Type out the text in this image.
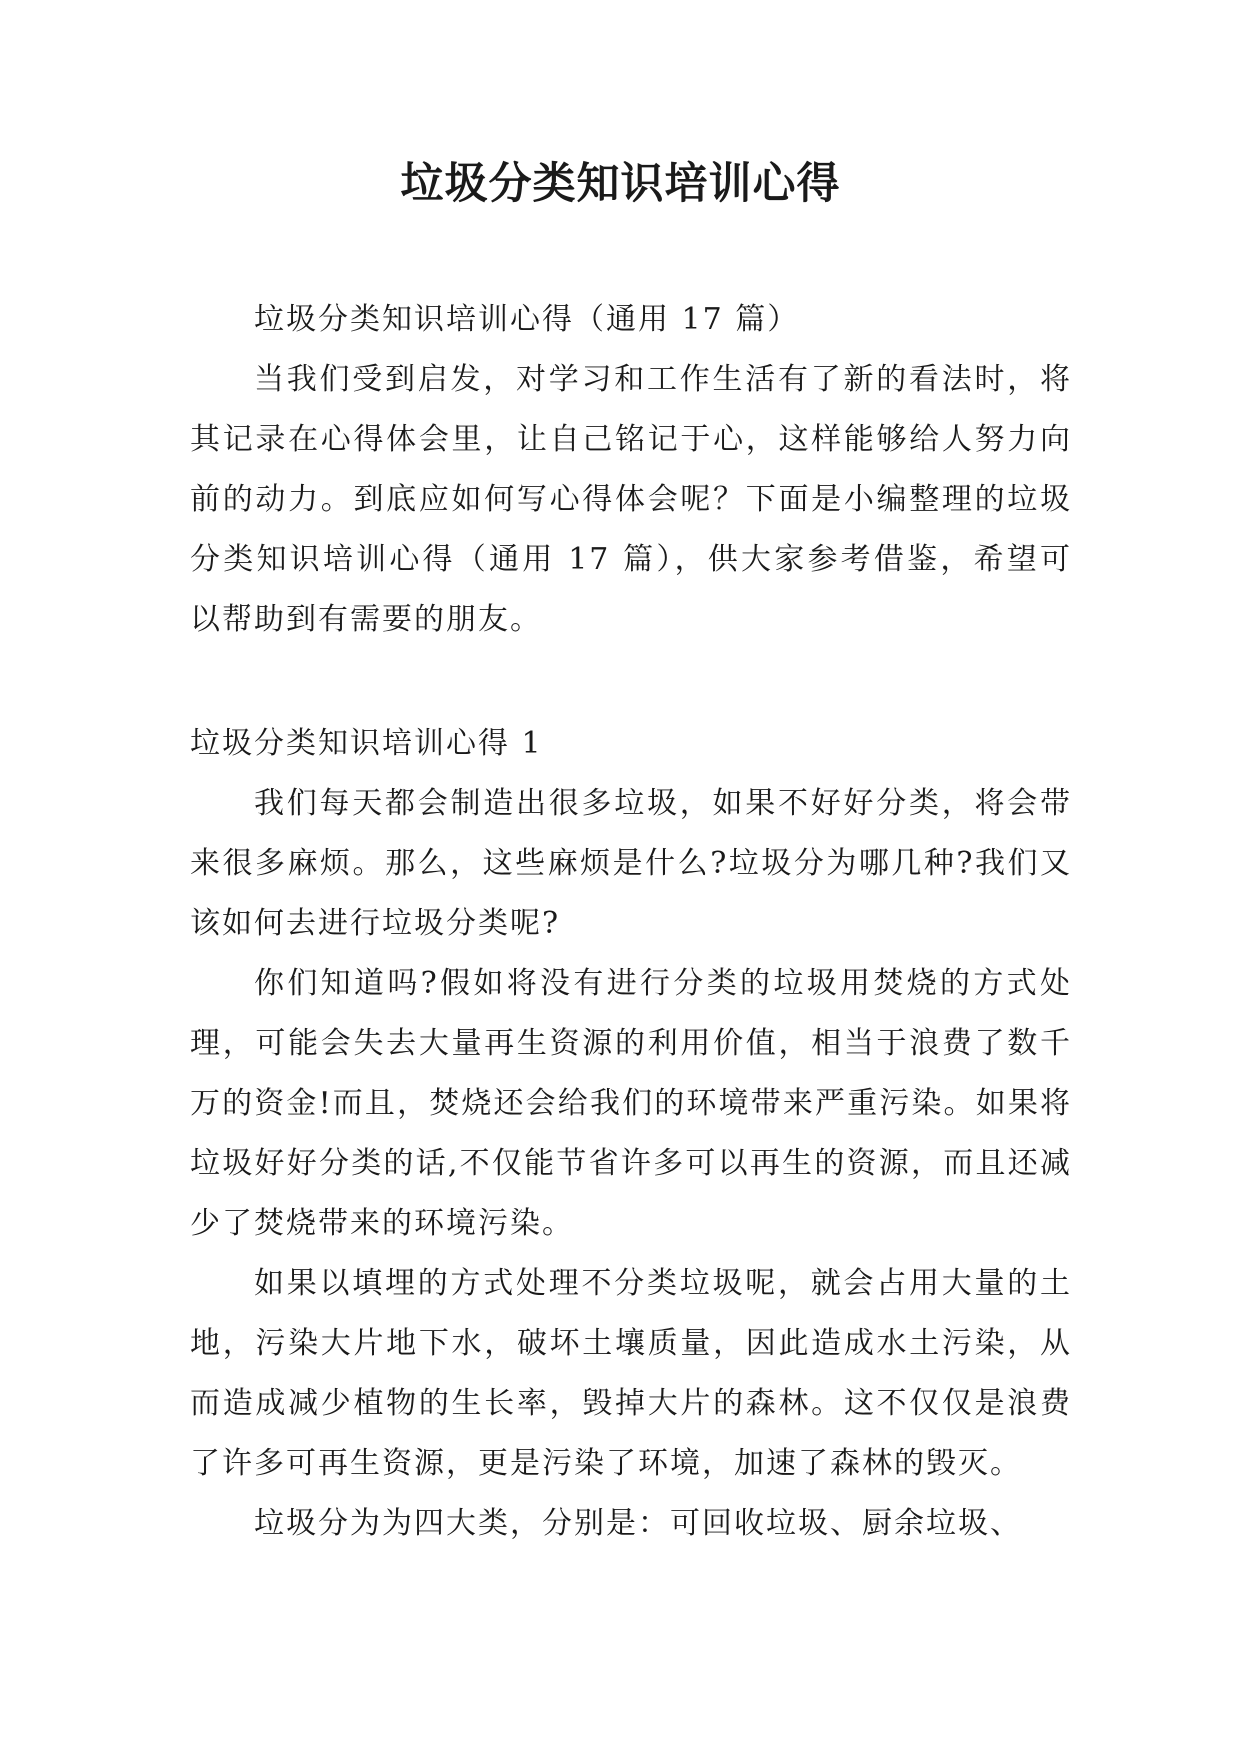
垃圾分类知识培训心得

垃圾分类知识培训心得（通用 17 篇）

当我们受到启发，对学习和工作生活有了新的看法时，将其记录在心得体会里，让自己铭记于心，这样能够给人努力向前的动力。到底应如何写心得体会呢？下面是小编整理的垃圾分类知识培训心得（通用 17 篇），供大家参考借鉴，希望可以帮助到有需要的朋友。

垃圾分类知识培训心得 1

我们每天都会制造出很多垃圾，如果不好好分类，将会带来很多麻烦。那么，这些麻烦是什么?垃圾分为哪几种?我们又该如何去进行垃圾分类呢?

你们知道吗?假如将没有进行分类的垃圾用焚烧的方式处理，可能会失去大量再生资源的利用价值，相当于浪费了数千万的资金!而且，焚烧还会给我们的环境带来严重污染。如果将垃圾好好分类的话,不仅能节省许多可以再生的资源，而且还减少了焚烧带来的环境污染。

如果以填埋的方式处理不分类垃圾呢，就会占用大量的土地，污染大片地下水，破坏土壤质量，因此造成水土污染，从而造成减少植物的生长率，毁掉大片的森林。这不仅仅是浪费了许多可再生资源，更是污染了环境，加速了森林的毁灭。

垃圾分为为四大类，分别是：可回收垃圾、厨余垃圾、
